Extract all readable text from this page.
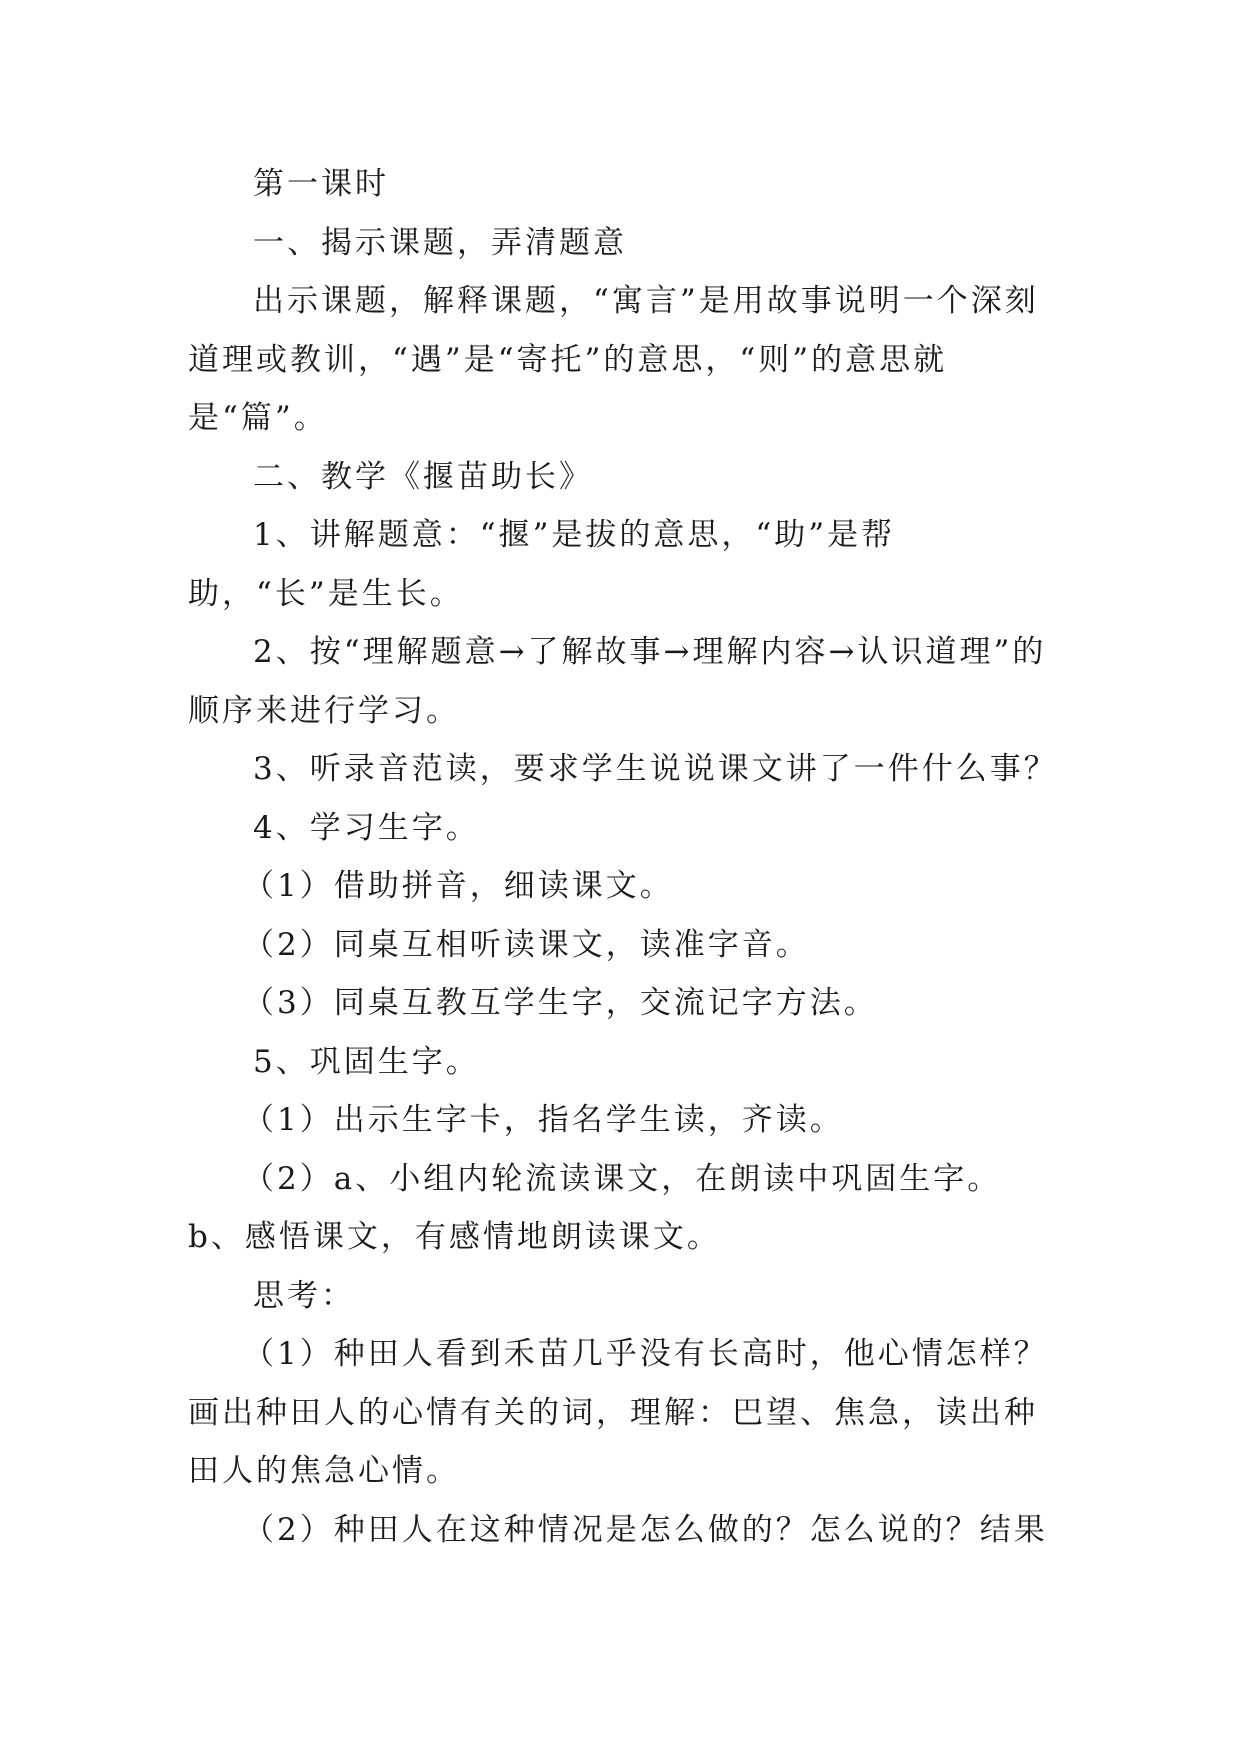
第一课时

一、揭示课题，弄清题意

出示课题，解释课题，“寓言”是用故事说明一个深刻道理或教训，“遇”是“寄托”的意思，“则”的意思就是“篇”。

二、教学《揠苗助长》

1、讲解题意：“揠”是拔的意思，“助”是帮助，“长”是生长。

2、按“理解题意→了解故事→理解内容→认识道理”的顺序来进行学习。

3、听录音范读，要求学生说说课文讲了一件什么事？

4、学习生字。

（1）借助拼音，细读课文。

（2）同桌互相听读课文，读准字音。

（3）同桌互教互学生字，交流记字方法。

5、巩固生字。

（1）出示生字卡，指名学生读，齐读。

（2）a、小组内轮流读课文，在朗读中巩固生字。b、感悟课文，有感情地朗读课文。

思考：

（1）种田人看到禾苗几乎没有长高时，他心情怎样？画出种田人的心情有关的词，理解：巴望、焦急，读出种田人的焦急心情。

（2）种田人在这种情况是怎么做的？怎么说的？结果
